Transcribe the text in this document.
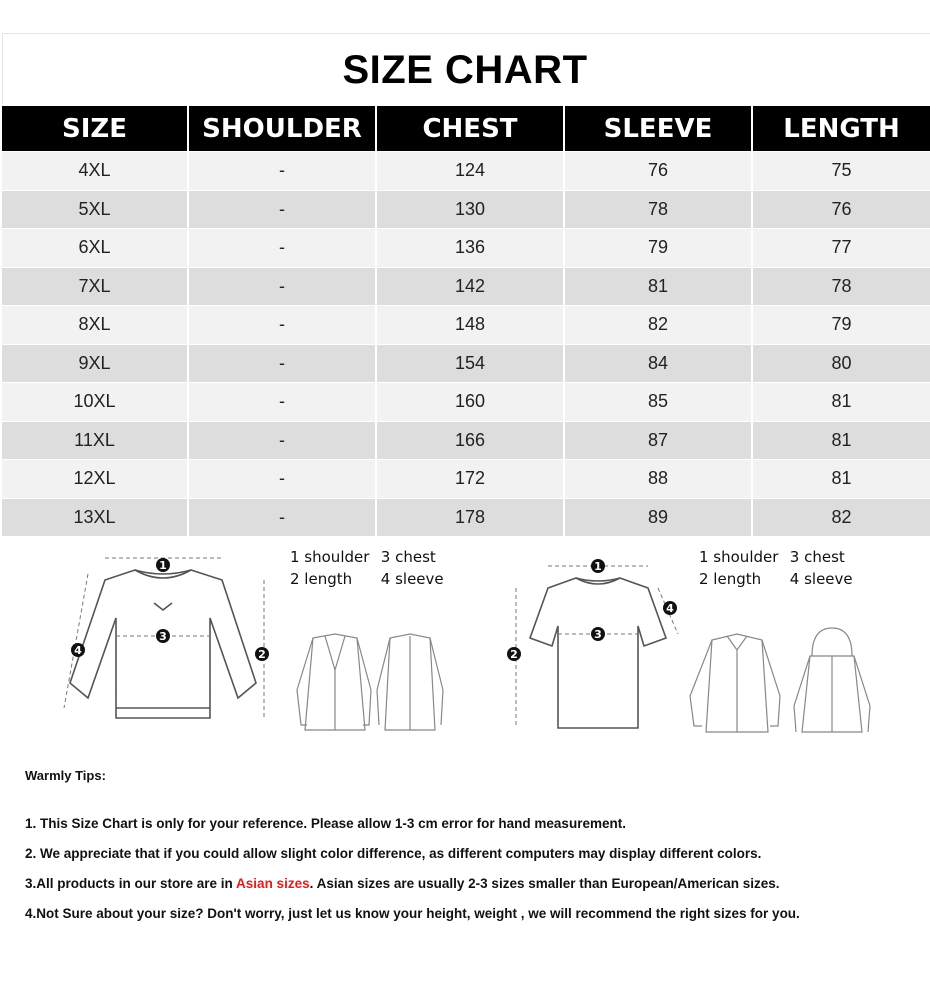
SIZE CHART
SIZE	SHOULDER	CHEST	SLEEVE	LENGTH
4XL	-	124	76	75
5XL	-	130	78	76
6XL	-	136	79	77
7XL	-	142	81	78
8XL	-	148	82	79
9XL	-	154	84	80
10XL	-	160	85	81
11XL	-	166	87	81
12XL	-	172	88	81
13XL	-	178	89	82
1
3
2
4
1 shoulder 3 chest
2 length 4 sleeve
1
3
2
4
1 shoulder 3 chest
2 length 4 sleeve
Warmly Tips:
1. This Size Chart is only for your reference. Please allow 1-3 cm error for hand measurement.
2. We appreciate that if you could allow slight color difference, as different computers may display different colors.
3.All products in our store are in Asian sizes. Asian sizes are usually 2-3 sizes smaller than European/American sizes.
4.Not Sure about your size? Don't worry, just let us know your height, weight , we will recommend the right sizes for you.
